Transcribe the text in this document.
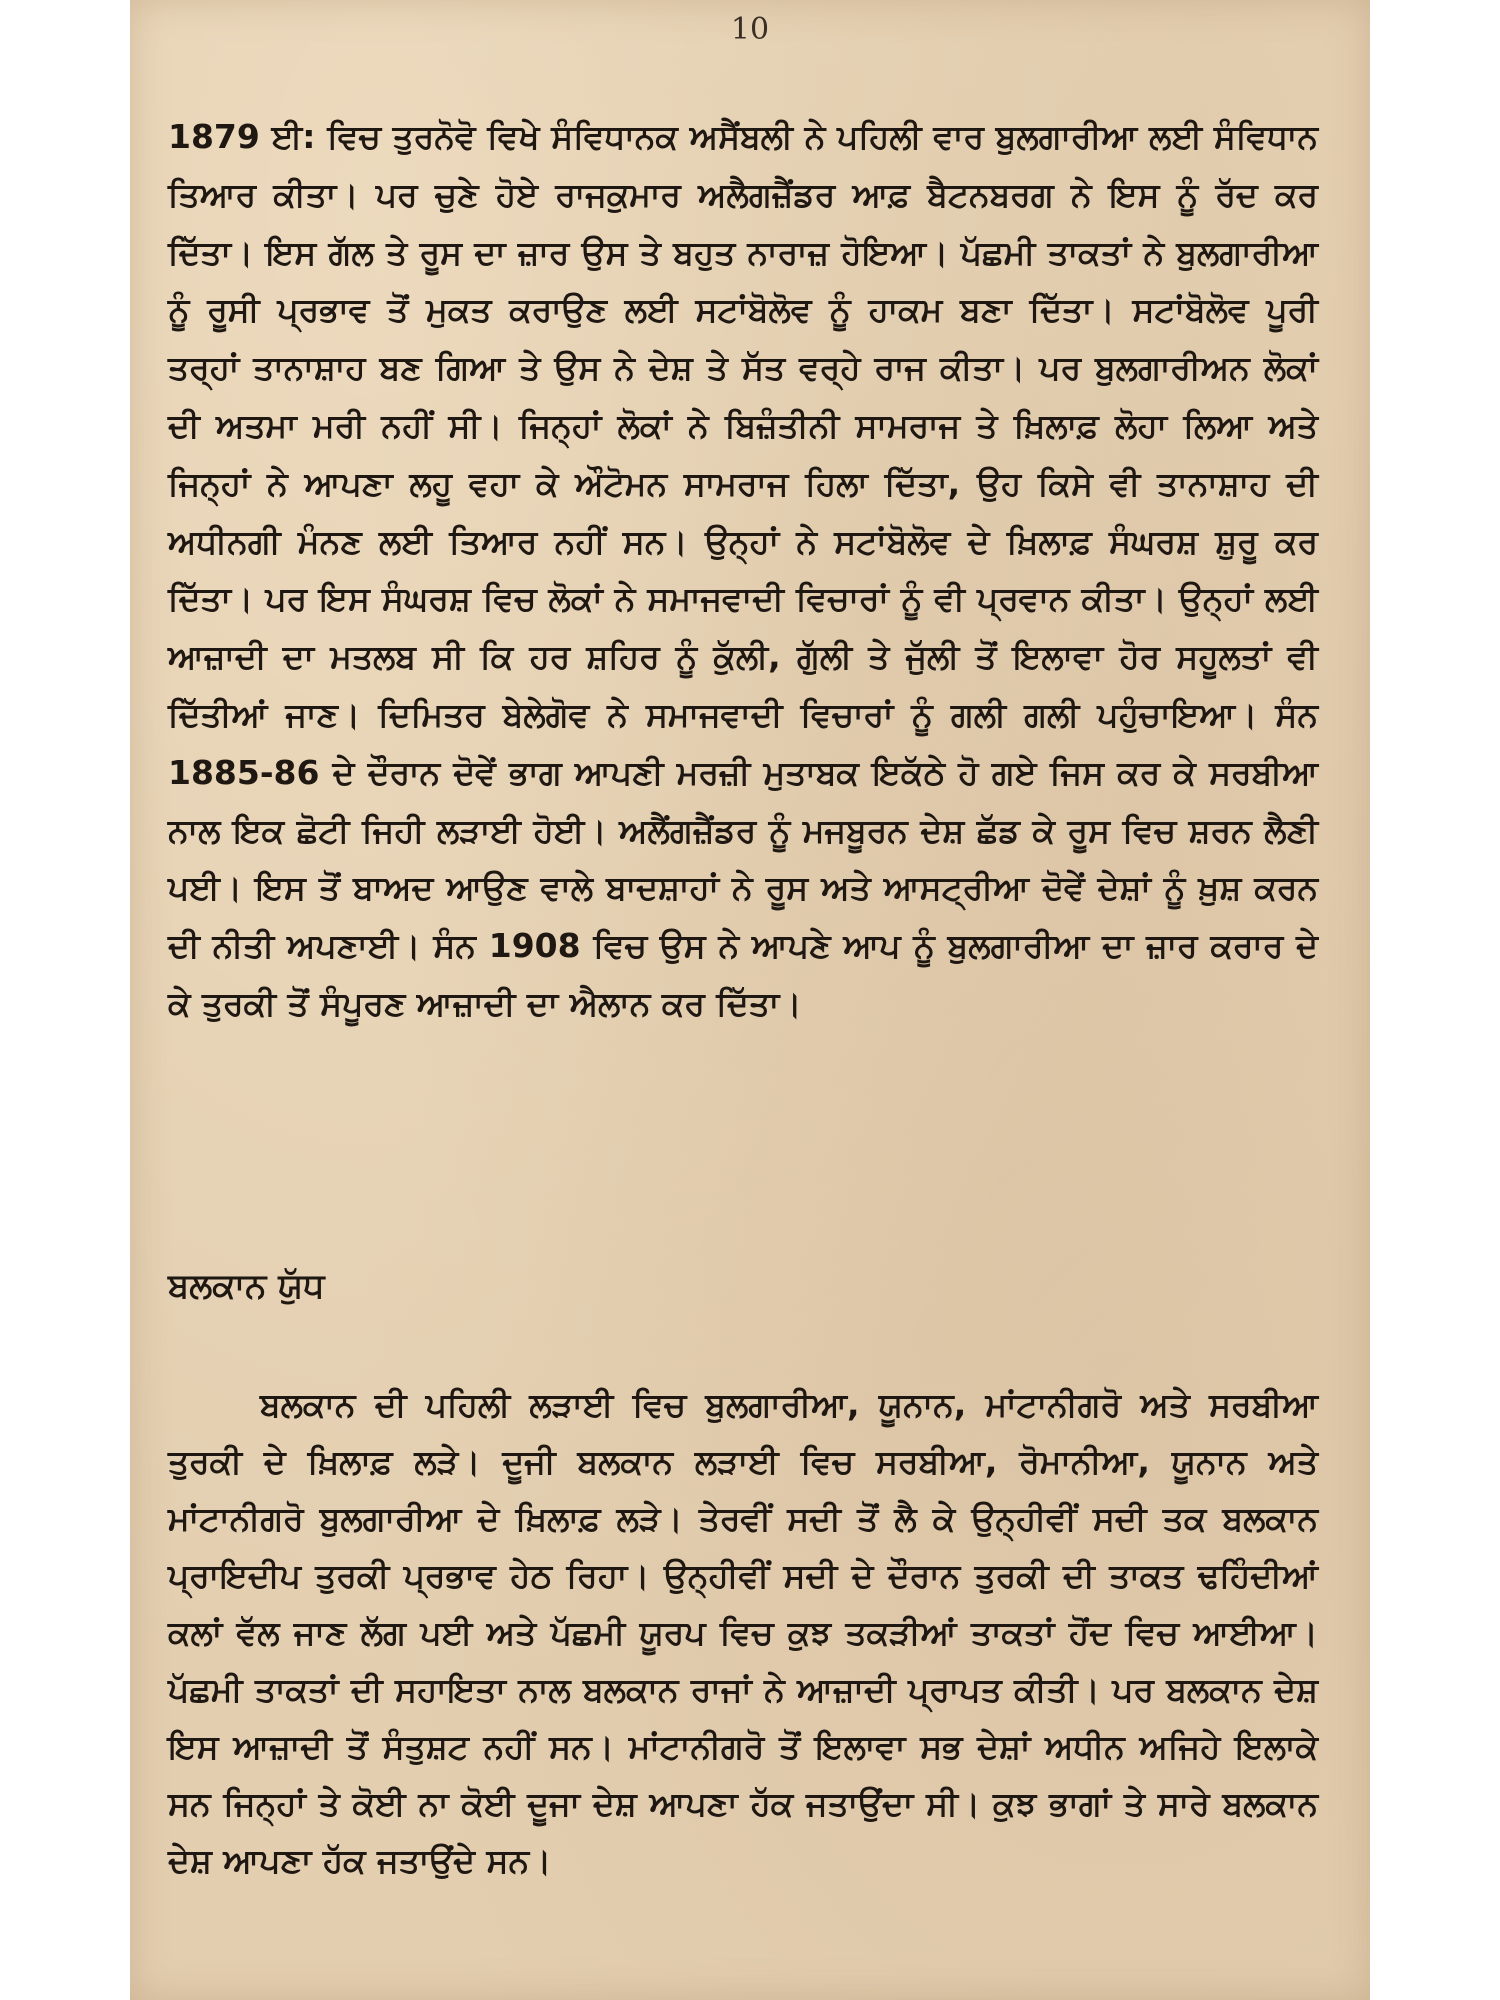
10
1879 ਈ: ਵਿਚ ਤੁਰਨੋਵੋ ਵਿਖੇ ਸੰਵਿਧਾਨਕ ਅਸੈਂਬਲੀ ਨੇ ਪਹਿਲੀ ਵਾਰ ਬੁਲਗਾਰੀਆ ਲਈ ਸੰਵਿਧਾਨ ਤਿਆਰ ਕੀਤਾ। ਪਰ ਚੁਣੇ ਹੋਏ ਰਾਜਕੁਮਾਰ ਅਲੈਗਜ਼ੈਂਡਰ ਆਫ਼ ਬੈਟਨਬਰਗ ਨੇ ਇਸ ਨੂੰ ਰੱਦ ਕਰ ਦਿੱਤਾ। ਇਸ ਗੱਲ ਤੇ ਰੂਸ ਦਾ ਜ਼ਾਰ ਉਸ ਤੇ ਬਹੁਤ ਨਾਰਾਜ਼ ਹੋਇਆ। ਪੱਛਮੀ ਤਾਕਤਾਂ ਨੇ ਬੁਲਗਾਰੀਆ ਨੂੰ ਰੂਸੀ ਪ੍ਰਭਾਵ ਤੋਂ ਮੁਕਤ ਕਰਾਉਣ ਲਈ ਸਟਾਂਬੋਲੋਵ ਨੂੰ ਹਾਕਮ ਬਣਾ ਦਿੱਤਾ। ਸਟਾਂਬੋਲੋਵ ਪੂਰੀ ਤਰ੍ਹਾਂ ਤਾਨਾਸ਼ਾਹ ਬਣ ਗਿਆ ਤੇ ਉਸ ਨੇ ਦੇਸ਼ ਤੇ ਸੱਤ ਵਰ੍ਹੇ ਰਾਜ ਕੀਤਾ। ਪਰ ਬੁਲਗਾਰੀਅਨ ਲੋਕਾਂ ਦੀ ਅਤਮਾ ਮਰੀ ਨਹੀਂ ਸੀ। ਜਿਨ੍ਹਾਂ ਲੋਕਾਂ ਨੇ ਬਿਜ਼ੰਤੀਨੀ ਸਾਮਰਾਜ ਤੇ ਖ਼ਿਲਾਫ਼ ਲੋਹਾ ਲਿਆ ਅਤੇ ਜਿਨ੍ਹਾਂ ਨੇ ਆਪਣਾ ਲਹੂ ਵਹਾ ਕੇ ਔਟੋਮਨ ਸਾਮਰਾਜ ਹਿਲਾ ਦਿੱਤਾ, ਉਹ ਕਿਸੇ ਵੀ ਤਾਨਾਸ਼ਾਹ ਦੀ ਅਧੀਨਗੀ ਮੰਨਣ ਲਈ ਤਿਆਰ ਨਹੀਂ ਸਨ। ਉਨ੍ਹਾਂ ਨੇ ਸਟਾਂਬੋਲੋਵ ਦੇ ਖ਼ਿਲਾਫ਼ ਸੰਘਰਸ਼ ਸ਼ੁਰੂ ਕਰ ਦਿੱਤਾ। ਪਰ ਇਸ ਸੰਘਰਸ਼ ਵਿਚ ਲੋਕਾਂ ਨੇ ਸਮਾਜਵਾਦੀ ਵਿਚਾਰਾਂ ਨੂੰ ਵੀ ਪ੍ਰਵਾਨ ਕੀਤਾ। ਉਨ੍ਹਾਂ ਲਈ ਆਜ਼ਾਦੀ ਦਾ ਮਤਲਬ ਸੀ ਕਿ ਹਰ ਸ਼ਹਿਰ ਨੂੰ ਕੁੱਲੀ, ਗੁੱਲੀ ਤੇ ਜੁੱਲੀ ਤੋਂ ਇਲਾਵਾ ਹੋਰ ਸਹੂਲਤਾਂ ਵੀ ਦਿੱਤੀਆਂ ਜਾਣ। ਦਿਮਿਤਰ ਬੇਲੇਗੋਵ ਨੇ ਸਮਾਜਵਾਦੀ ਵਿਚਾਰਾਂ ਨੂੰ ਗਲੀ ਗਲੀ ਪਹੁੰਚਾਇਆ। ਸੰਨ 1885-86 ਦੇ ਦੌਰਾਨ ਦੋਵੇਂ ਭਾਗ ਆਪਣੀ ਮਰਜ਼ੀ ਮੁਤਾਬਕ ਇਕੱਠੇ ਹੋ ਗਏ ਜਿਸ ਕਰ ਕੇ ਸਰਬੀਆ ਨਾਲ ਇਕ ਛੋਟੀ ਜਿਹੀ ਲੜਾਈ ਹੋਈ। ਅਲੈਂਗਜ਼ੈਂਡਰ ਨੂੰ ਮਜਬੂਰਨ ਦੇਸ਼ ਛੱਡ ਕੇ ਰੂਸ ਵਿਚ ਸ਼ਰਨ ਲੈਣੀ ਪਈ। ਇਸ ਤੋਂ ਬਾਅਦ ਆਉਣ ਵਾਲੇ ਬਾਦਸ਼ਾਹਾਂ ਨੇ ਰੂਸ ਅਤੇ ਆਸਟ੍ਰੀਆ ਦੋਵੇਂ ਦੇਸ਼ਾਂ ਨੂੰ ਖ਼ੁਸ਼ ਕਰਨ ਦੀ ਨੀਤੀ ਅਪਣਾਈ। ਸੰਨ 1908 ਵਿਚ ਉਸ ਨੇ ਆਪਣੇ ਆਪ ਨੂੰ ਬੁਲਗਾਰੀਆ ਦਾ ਜ਼ਾਰ ਕਰਾਰ ਦੇ ਕੇ ਤੁਰਕੀ ਤੋਂ ਸੰਪੂਰਣ ਆਜ਼ਾਦੀ ਦਾ ਐਲਾਨ ਕਰ ਦਿੱਤਾ।
ਬਲਕਾਨ ਯੁੱਧ
ਬਲਕਾਨ ਦੀ ਪਹਿਲੀ ਲੜਾਈ ਵਿਚ ਬੁਲਗਾਰੀਆ, ਯੂਨਾਨ, ਮਾਂਟਾਨੀਗਰੋ ਅਤੇ ਸਰਬੀਆ ਤੁਰਕੀ ਦੇ ਖ਼ਿਲਾਫ਼ ਲੜੇ। ਦੂਜੀ ਬਲਕਾਨ ਲੜਾਈ ਵਿਚ ਸਰਬੀਆ, ਰੋਮਾਨੀਆ, ਯੂਨਾਨ ਅਤੇ ਮਾਂਟਾਨੀਗਰੋ ਬੁਲਗਾਰੀਆ ਦੇ ਖ਼ਿਲਾਫ਼ ਲੜੇ। ਤੇਰਵੀਂ ਸਦੀ ਤੋਂ ਲੈ ਕੇ ਉਨ੍ਹੀਵੀਂ ਸਦੀ ਤਕ ਬਲਕਾਨ ਪ੍ਰਾਇਦੀਪ ਤੁਰਕੀ ਪ੍ਰਭਾਵ ਹੇਠ ਰਿਹਾ। ਉਨ੍ਹੀਵੀਂ ਸਦੀ ਦੇ ਦੌਰਾਨ ਤੁਰਕੀ ਦੀ ਤਾਕਤ ਢਹਿੰਦੀਆਂ ਕਲਾਂ ਵੱਲ ਜਾਣ ਲੱਗ ਪਈ ਅਤੇ ਪੱਛਮੀ ਯੂਰਪ ਵਿਚ ਕੁਝ ਤਕੜੀਆਂ ਤਾਕਤਾਂ ਹੋਂਦ ਵਿਚ ਆਈਆ। ਪੱਛਮੀ ਤਾਕਤਾਂ ਦੀ ਸਹਾਇਤਾ ਨਾਲ ਬਲਕਾਨ ਰਾਜਾਂ ਨੇ ਆਜ਼ਾਦੀ ਪ੍ਰਾਪਤ ਕੀਤੀ। ਪਰ ਬਲਕਾਨ ਦੇਸ਼ ਇਸ ਆਜ਼ਾਦੀ ਤੋਂ ਸੰਤੁਸ਼ਟ ਨਹੀਂ ਸਨ। ਮਾਂਟਾਨੀਗਰੋ ਤੋਂ ਇਲਾਵਾ ਸਭ ਦੇਸ਼ਾਂ ਅਧੀਨ ਅਜਿਹੇ ਇਲਾਕੇ ਸਨ ਜਿਨ੍ਹਾਂ ਤੇ ਕੋਈ ਨਾ ਕੋਈ ਦੂਜਾ ਦੇਸ਼ ਆਪਣਾ ਹੱਕ ਜਤਾਉਂਦਾ ਸੀ। ਕੁਝ ਭਾਗਾਂ ਤੇ ਸਾਰੇ ਬਲਕਾਨ ਦੇਸ਼ ਆਪਣਾ ਹੱਕ ਜਤਾਉਂਦੇ ਸਨ।
